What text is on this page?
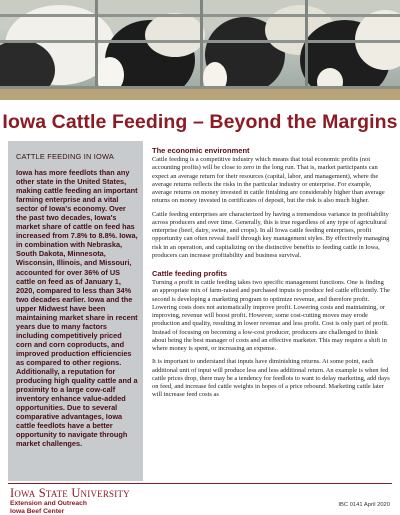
Iowa Cattle Feeding – Beyond the Margins
CATTLE FEEDING IN IOWA
Iowa has more feedlots than any other state in the United States, making cattle feeding an important farming enterprise and a vital sector of Iowa's economy. Over the past two decades, Iowa's market share of cattle on feed has increased from 7.8% to 8.8%. Iowa, in combination with Nebraska, South Dakota, Minnesota, Wisconsin, Illinois, and Missouri, accounted for over 36% of US cattle on feed as of January 1, 2020, compared to less than 34% two decades earlier. Iowa and the upper Midwest have been maintaining market share in recent years due to many factors including competitively priced corn and corn coproducts, and improved production efficiencies as compared to other regions. Additionally, a reputation for producing high quality cattle and a proximity to a large cow-calf inventory enhance value-added opportunities. Due to several comparative advantages, Iowa cattle feedlots have a better opportunity to navigate through market challenges.
The economic environment

Cattle feeding is a competitive industry which means that total economic profits (not accounting profits) will be close to zero in the long run. That is, market participants can expect an average return for their resources (capital, labor, and management), where the average returns reflects the risks in the particular industry or enterprise. For example, average returns on money invested in cattle finishing are considerably higher than average returns on money invested in certificates of deposit, but the risk is also much higher.

Cattle feeding enterprises are characterized by having a tremendous variance in profitability across producers and over time. Generally, this is true regardless of any type of agricultural enterprise (beef, dairy, swine, and crops). In all Iowa cattle feeding enterprises, profit opportunity can often reveal itself through key management styles. By effectively managing risk in an operation, and capitalizing on the distinctive benefits to feeding cattle in Iowa, producers can increase profitability and business survival.

Cattle feeding profits

Turning a profit in cattle feeding takes two specific management functions. One is finding an appropriate mix of farm-raised and purchased inputs to produce fed cattle efficiently. The second is developing a marketing program to optimize revenue, and therefore profit. Lowering costs does not automatically improve profit. Lowering costs and maintaining, or improving, revenue will boost profit. However, some cost-cutting moves may erode production and quality, resulting in lower revenue and less profit. Cost is only part of profit. Instead of focusing on becoming a low-cost producer, producers are challenged to think about being the best manager of costs and an effective marketer. This may require a shift in where money is spent, or increasing an expense.

It is important to understand that inputs have diminishing returns. At some point, each additional unit of input will produce less and less additional return. An example is when fed cattle prices drop, there may be a tendency for feedlots to want to delay marketing, add days on feed, and increase fed cattle weights in hopes of a price rebound. Marketing cattle later will increase feed costs as

Iowa State University
Extension and Outreach
Iowa Beef Center
IBC 0141 April 2020
